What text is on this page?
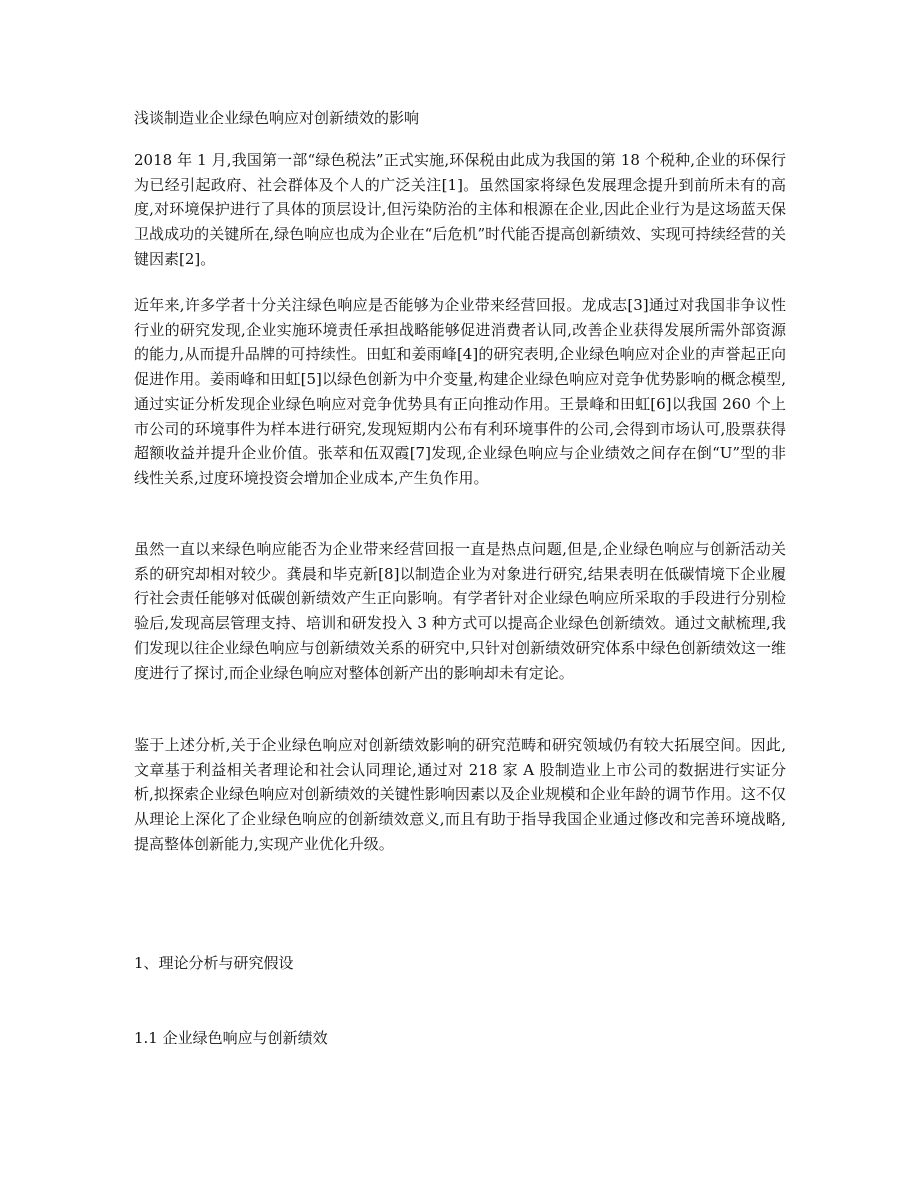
浅谈制造业企业绿色响应对创新绩效的影响

2018 年 1 月,我国第一部“绿色税法”正式实施,环保税由此成为我国的第 18 个税种,企业的环保行为已经引起政府、社会群体及个人的广泛关注[1]。虽然国家将绿色发展理念提升到前所未有的高度,对环境保护进行了具体的顶层设计,但污染防治的主体和根源在企业,因此企业行为是这场蓝天保卫战成功的关键所在,绿色响应也成为企业在“后危机”时代能否提高创新绩效、实现可持续经营的关键因素[2]。

近年来,许多学者十分关注绿色响应是否能够为企业带来经营回报。龙成志[3]通过对我国非争议性行业的研究发现,企业实施环境责任承担战略能够促进消费者认同,改善企业获得发展所需外部资源的能力,从而提升品牌的可持续性。田虹和姜雨峰[4]的研究表明,企业绿色响应对企业的声誉起正向促进作用。姜雨峰和田虹[5]以绿色创新为中介变量,构建企业绿色响应对竞争优势影响的概念模型,通过实证分析发现企业绿色响应对竞争优势具有正向推动作用。王景峰和田虹[6]以我国 260 个上市公司的环境事件为样本进行研究,发现短期内公布有利环境事件的公司,会得到市场认可,股票获得超额收益并提升企业价值。张萃和伍双霞[7]发现,企业绿色响应与企业绩效之间存在倒“U”型的非线性关系,过度环境投资会增加企业成本,产生负作用。

虽然一直以来绿色响应能否为企业带来经营回报一直是热点问题,但是,企业绿色响应与创新活动关系的研究却相对较少。龚晨和毕克新[8]以制造企业为对象进行研究,结果表明在低碳情境下企业履行社会责任能够对低碳创新绩效产生正向影响。有学者针对企业绿色响应所采取的手段进行分别检验后,发现高层管理支持、培训和研发投入 3 种方式可以提高企业绿色创新绩效。通过文献梳理,我们发现以往企业绿色响应与创新绩效关系的研究中,只针对创新绩效研究体系中绿色创新绩效这一维度进行了探讨,而企业绿色响应对整体创新产出的影响却未有定论。

鉴于上述分析,关于企业绿色响应对创新绩效影响的研究范畴和研究领域仍有较大拓展空间。因此,文章基于利益相关者理论和社会认同理论,通过对 218 家 A 股制造业上市公司的数据进行实证分析,拟探索企业绿色响应对创新绩效的关键性影响因素以及企业规模和企业年龄的调节作用。这不仅从理论上深化了企业绿色响应的创新绩效意义,而且有助于指导我国企业通过修改和完善环境战略,提高整体创新能力,实现产业优化升级。

1、理论分析与研究假设
1.1 企业绿色响应与创新绩效
